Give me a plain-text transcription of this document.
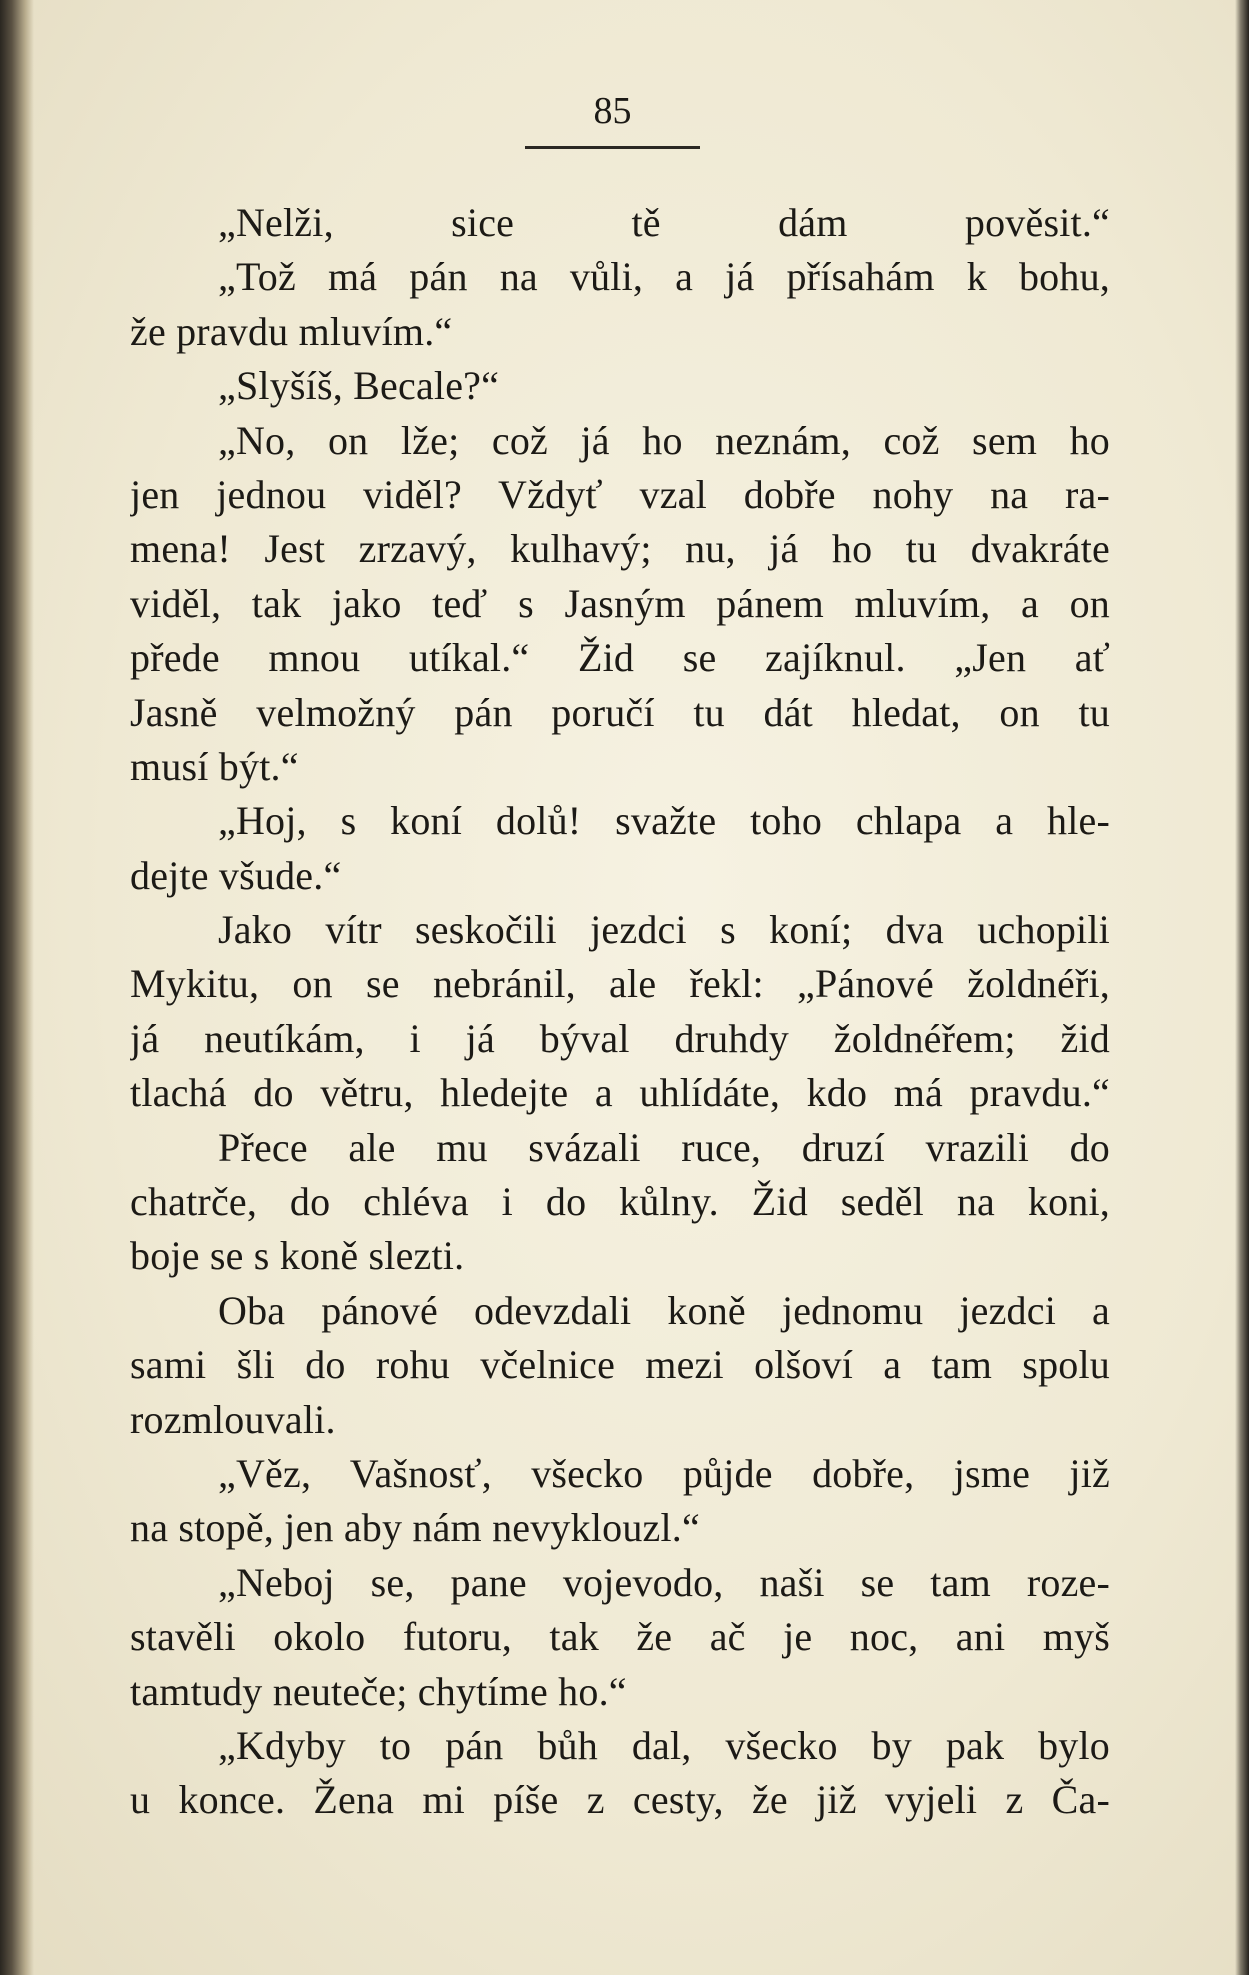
85
„Nelži, sice tě dám pověsit.“
„Tož má pán na vůli, a já přísahám k bohu,
že pravdu mluvím.“
„Slyšíš, Becale?“
„No, on lže; což já ho neznám, což sem ho
jen jednou viděl? Vždyť vzal dobře nohy na ra-
mena! Jest zrzavý, kulhavý; nu, já ho tu dvakráte
viděl, tak jako teď s Jasným pánem mluvím, a on
přede mnou utíkal.“ Žid se zajíknul. „Jen ať
Jasně velmožný pán poručí tu dát hledat, on tu
musí být.“
„Hoj, s koní dolů! svažte toho chlapa a hle-
dejte všude.“
Jako vítr seskočili jezdci s koní; dva uchopili
Mykitu, on se nebránil, ale řekl: „Pánové žoldnéři,
já neutíkám, i já býval druhdy žoldnéřem; žid
tlachá do větru, hledejte a uhlídáte, kdo má pravdu.“
Přece ale mu svázali ruce, druzí vrazili do
chatrče, do chléva i do kůlny. Žid seděl na koni,
boje se s koně slezti.
Oba pánové odevzdali koně jednomu jezdci a
sami šli do rohu včelnice mezi olšoví a tam spolu
rozmlouvali.
„Věz, Vašnosť, všecko půjde dobře, jsme již
na stopě, jen aby nám nevyklouzl.“
„Neboj se, pane vojevodo, naši se tam roze-
stavěli okolo futoru, tak že ač je noc, ani myš
tamtudy neuteče; chytíme ho.“
„Kdyby to pán bůh dal, všecko by pak bylo
u konce. Žena mi píše z cesty, že již vyjeli z Ča-
